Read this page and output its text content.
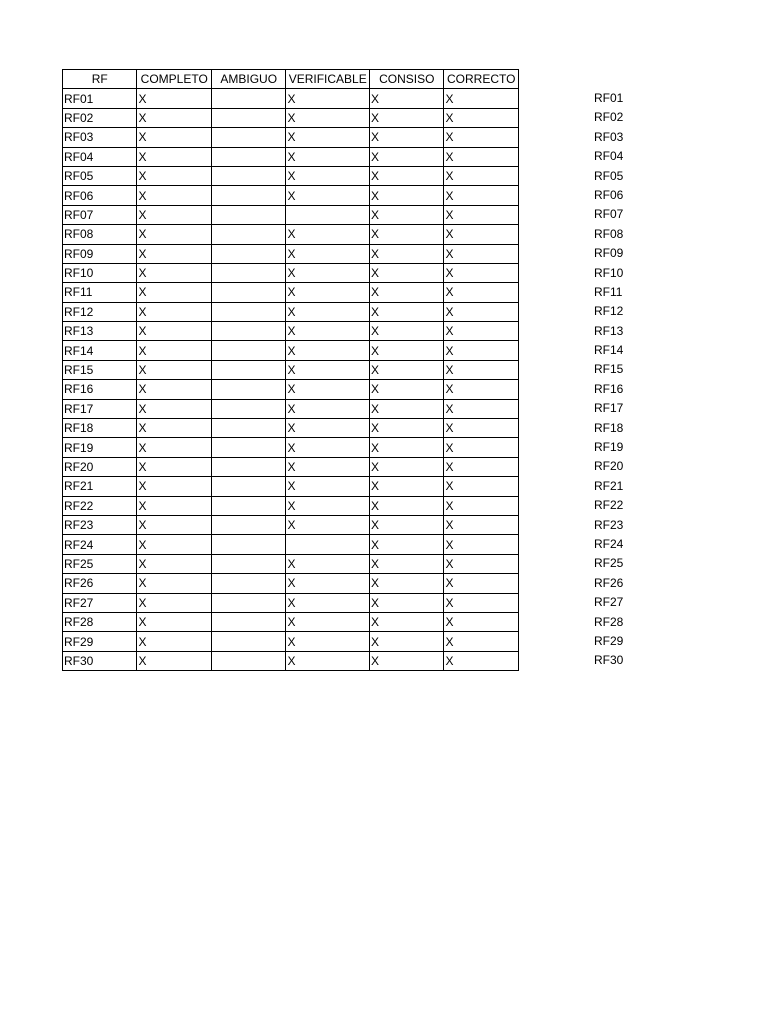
RF	COMPLETO	AMBIGUO	VERIFICABLE	CONSISO	CORRECTO
RF01	X		X	X	X
RF02	X		X	X	X
RF03	X		X	X	X
RF04	X		X	X	X
RF05	X		X	X	X
RF06	X		X	X	X
RF07	X			X	X
RF08	X		X	X	X
RF09	X		X	X	X
RF10	X		X	X	X
RF11	X		X	X	X
RF12	X		X	X	X
RF13	X		X	X	X
RF14	X		X	X	X
RF15	X		X	X	X
RF16	X		X	X	X
RF17	X		X	X	X
RF18	X		X	X	X
RF19	X		X	X	X
RF20	X		X	X	X
RF21	X		X	X	X
RF22	X		X	X	X
RF23	X		X	X	X
RF24	X			X	X
RF25	X		X	X	X
RF26	X		X	X	X
RF27	X		X	X	X
RF28	X		X	X	X
RF29	X		X	X	X
RF30	X		X	X	X
RF01
RF02
RF03
RF04
RF05
RF06
RF07
RF08
RF09
RF10
RF11
RF12
RF13
RF14
RF15
RF16
RF17
RF18
RF19
RF20
RF21
RF22
RF23
RF24
RF25
RF26
RF27
RF28
RF29
RF30
